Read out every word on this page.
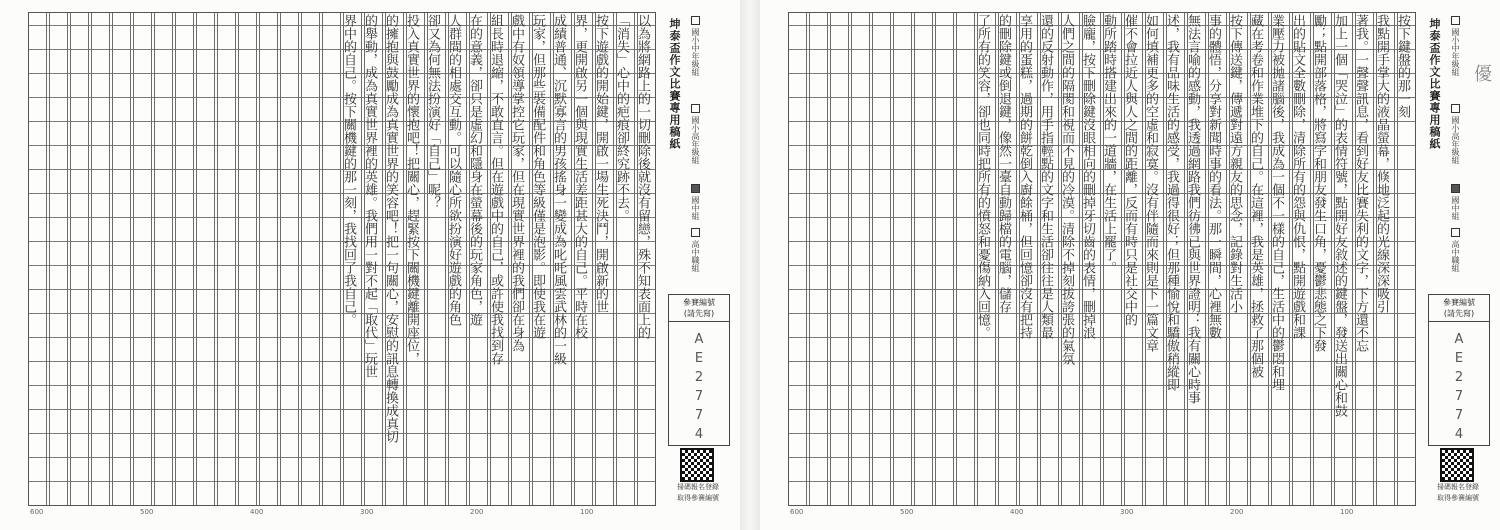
按下鍵盤的那一刻
我點開手掌大的液晶螢幕，倏地泛起的光線深深吸引
著我。一聲聲訊息，看到好友比賽失利的文字，下方還不忘
加上一個「哭泣」的表情符號，點開好友敘述的鍵盤，發送出關心和鼓
勵；點開部落格，將寫字和朋友發生口角，憂鬱悲態之下發
出的貼文全數刪除，清除所有的怨與仇恨，點開遊戲和課
業壓力被拋諸腦後，我成為一個不一樣的自己，生活中的鬱悶和埋
藏在考卷和作業堆下的自己。在這裡，我是英雄，拯救了那個被
按下傳送鍵，傳遞對遠方親友的思念，記錄對生活小
事的體悟，分享對新聞時事的看法。那一瞬間，心裡無數
無法言喻的感動，我透過網路我們彷彿已與世界證明：我有關心時事
述，我有品味生活的感受，我過得很好；但那種愉悅和驕傲稍縱即
如何填補更多的空虛和寂寞。沒有伴隨而來則是下一篇文章
催不會拉近人與人之間的距離，反而有時只是社交中的
動所踏時搭建出來的一道牆，在生活上罷了。
臉龐，按下刪除鍵沒眼相向的刪掉牙切齒的表情，刪掉浪
人們之間的隔閡和視而不見的冷漠。清除不掉刻拔誇張的氣氛
還的反射動作，用手指輕點的文字和生活卻往往是人類最
享用的蛋糕，過期的餅乾倒入廚餘桶，但回憶卻沒有把持
的刪除鍵或倒退鍵，像然一臺自動歸檔的電腦，儲存
了所有的笑容，卻也同時把所有的憤怒和憂傷納入回憶。	坤泰盃作文比賽專用稿紙 國小中年級組
國小高年級組
國中組
高中職組
優
參賽編號
(請先寫)
AE2774
掃碼報名登錄
取得參賽編號
600	500	400	300	200	100
以為將網路上的一切刪除後就沒有留戀，殊不知表面上的
「消失」心中的疤痕卻終究跡不去。
按下遊戲的開始鍵，開啟一場生死決鬥，開啟新的世
界，更開啟另一個與現實生活差距甚大的自己。平時在校
成績普通、沉默寡言的男孩搖身一變成為叱吒風雲武林的一級
玩家，但那些裝備配件和角色等級僅是泡影。即使我在遊
戲中有奴領導掌控它玩家，但在現實世界裡的我們卻在身為
組長時退縮，不敢直言。但在遊戲中的自己，或許使我找到存
在的意義，卻只是虛幻和隱身在螢幕後的玩家角色，遊
人群間的相處交互動。可以隨心所欲扮演好遊戲的角色
卻又為何無法扮演好「自己」呢？
投入真實世界的懷抱吧！把關心，趕緊按下關機鍵離開座位，
的擁抱與鼓勵成為真實世界的笑容吧！把一句關心，安慰的訊息轉換成真切
的舉動，成為真實世界裡的英雄。我們用一對不起「取代」玩世
界中的自己。按下關機鍵的那一刻，我找回了我自己。	坤泰盃作文比賽專用稿紙 國小中年級組
國小高年級組
國中組
高中職組
參賽編號
(請先寫)
AE2774
掃碼報名登錄
取得參賽編號
600	500	400	300	200	100
